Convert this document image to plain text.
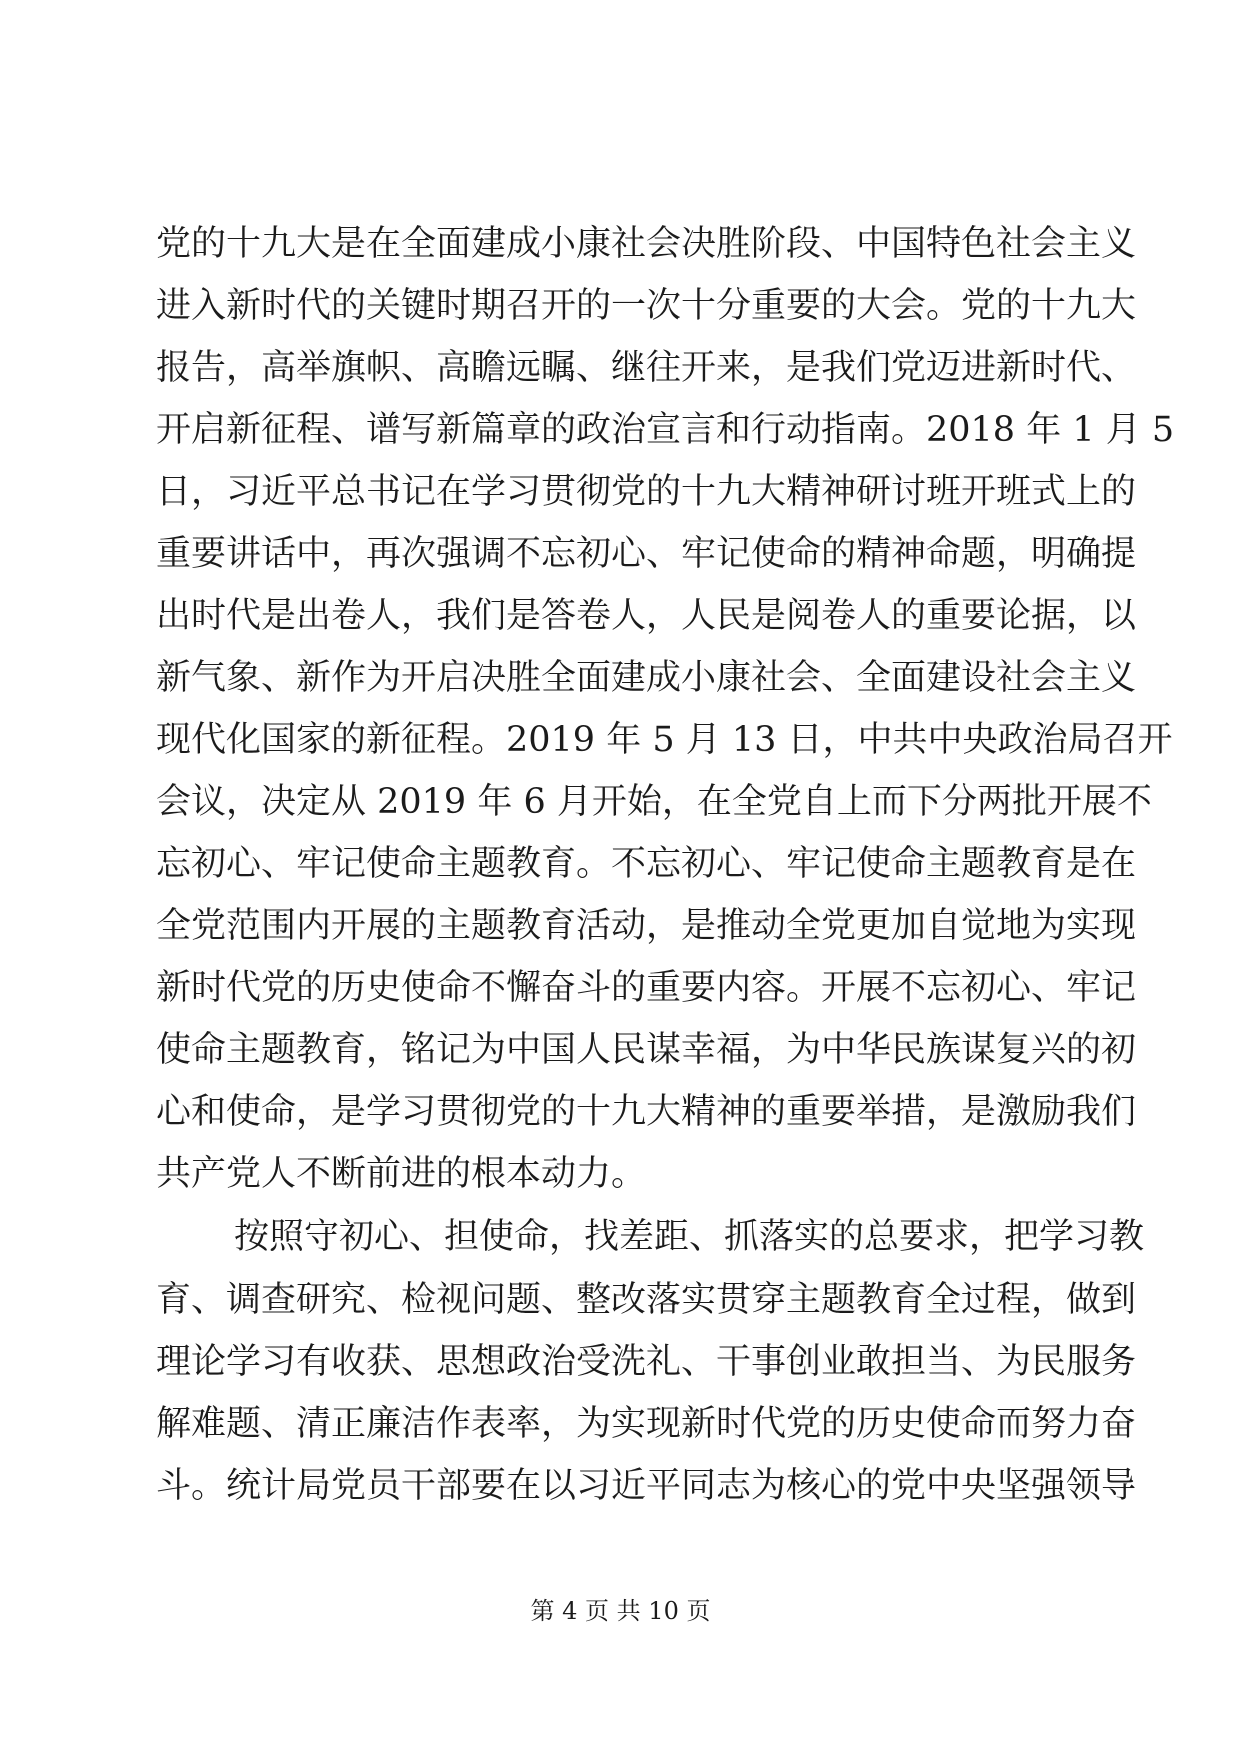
党的十九大是在全面建成小康社会决胜阶段、中国特色社会主义
进入新时代的关键时期召开的一次十分重要的大会。党的十九大
报告，高举旗帜、高瞻远瞩、继往开来，是我们党迈进新时代、
开启新征程、谱写新篇章的政治宣言和行动指南。2018 年 1 月 5
日，习近平总书记在学习贯彻党的十九大精神研讨班开班式上的
重要讲话中，再次强调不忘初心、牢记使命的精神命题，明确提
出时代是出卷人，我们是答卷人，人民是阅卷人的重要论据，以
新气象、新作为开启决胜全面建成小康社会、全面建设社会主义
现代化国家的新征程。2019 年 5 月 13 日，中共中央政治局召开
会议，决定从 2019 年 6 月开始，在全党自上而下分两批开展不
忘初心、牢记使命主题教育。不忘初心、牢记使命主题教育是在
全党范围内开展的主题教育活动，是推动全党更加自觉地为实现
新时代党的历史使命不懈奋斗的重要内容。开展不忘初心、牢记
使命主题教育，铭记为中国人民谋幸福，为中华民族谋复兴的初
心和使命，是学习贯彻党的十九大精神的重要举措，是激励我们
共产党人不断前进的根本动力。
按照守初心、担使命，找差距、抓落实的总要求，把学习教
育、调查研究、检视问题、整改落实贯穿主题教育全过程，做到
理论学习有收获、思想政治受洗礼、干事创业敢担当、为民服务
解难题、清正廉洁作表率，为实现新时代党的历史使命而努力奋
斗。统计局党员干部要在以习近平同志为核心的党中央坚强领导
第 4 页 共 10 页
